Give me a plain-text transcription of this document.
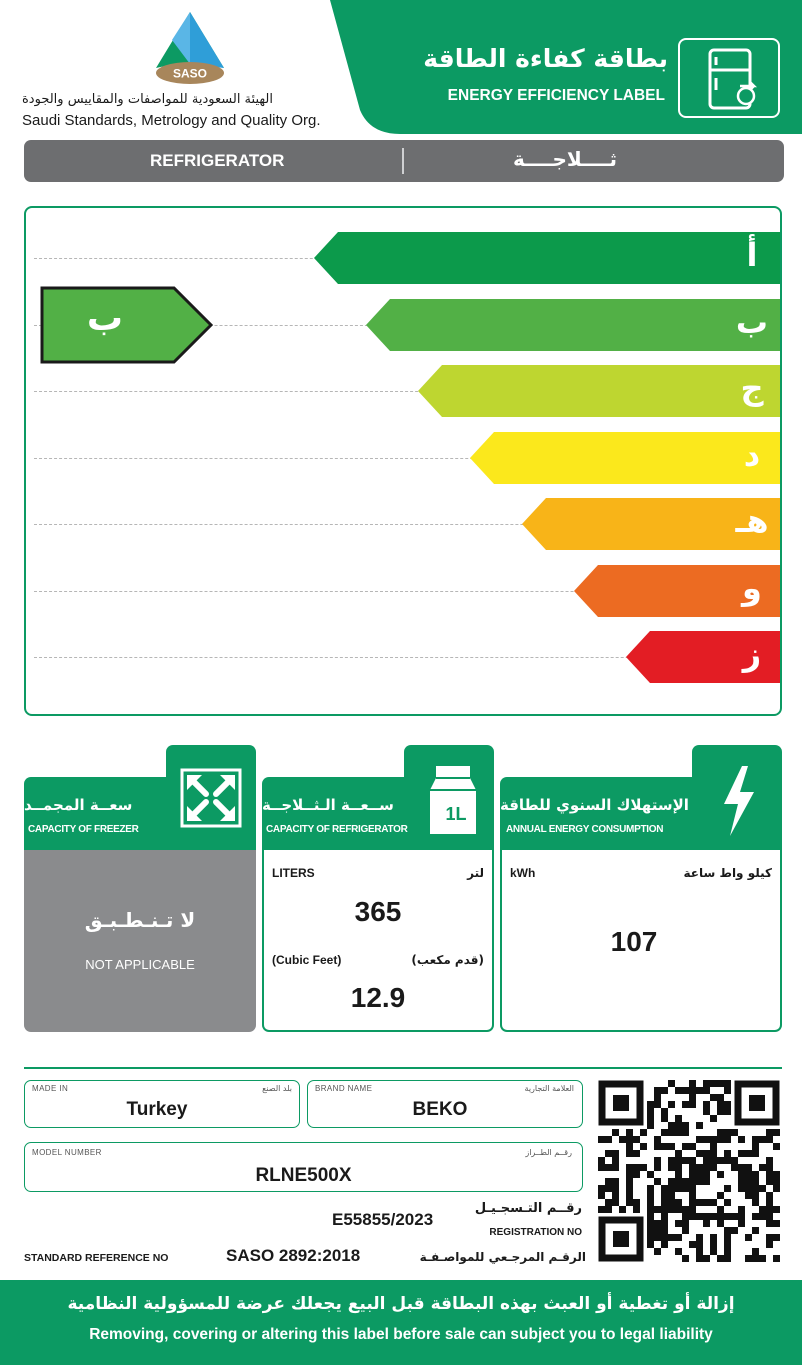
SASO
الهيئة السعودية للمواصفات والمقاييس والجودة
Saudi Standards, Metrology and Quality Org.
بطاقة كفاءة الطاقة
ENERGY EFFICIENCY LABEL
REFRIGERATOR	ثــــلاجــــة
أ
ب
ج
د
هـ
و
ز
ب
سعــة المجمــد
CAPACITY OF FREEZER
لا تـنـطـبـق
NOT APPLICABLE
1L
ســعــة الـثــلاجــة
CAPACITY OF REFRIGERATOR
LITERS	لتر
365
(Cubic Feet)	(قدم مكعب)
12.9
الإستهلاك السنوي للطاقة
ANNUAL ENERGY CONSUMPTION
kWh	كيلو واط ساعة
107
MADE IN	بلد الصنع
Turkey
BRAND NAME	العلامة التجارية
BEKO
MODEL NUMBER	رقــم الطــراز
RLNE500X
E55855/2023
رقــم التـسجـيـل
REGISTRATION NO
STANDARD REFERENCE NO	SASO 2892:2018	الرقـم المرجـعي للمواصـفـة
إزالة أو تغطية أو العبث بهذه البطاقة قبل البيع يجعلك عرضة للمسؤولية النظامية
Removing, covering or altering this label before sale can subject you to legal liability
